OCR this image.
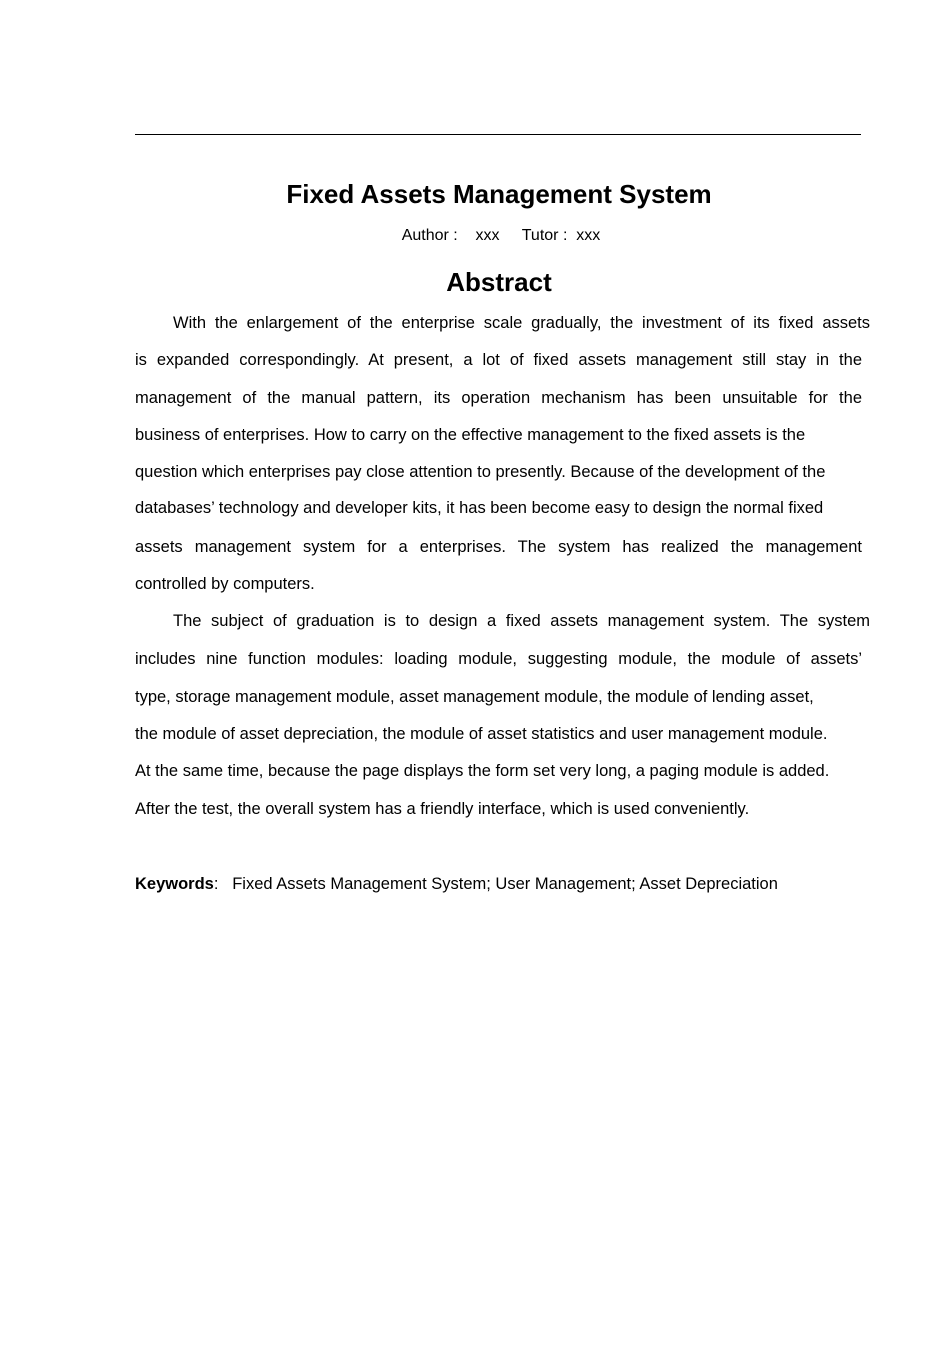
Fixed Assets Management System
Author : xxx Tutor : xxx
Abstract
With the enlargement of the enterprise scale gradually, the investment of its fixed assets
is expanded correspondingly. At present, a lot of fixed assets management still stay in the
management of the manual pattern, its operation mechanism has been unsuitable for the
business of enterprises. How to carry on the effective management to the fixed assets is the
question which enterprises pay close attention to presently. Because of the development of the
databases’ technology and developer kits, it has been become easy to design the normal fixed
assets management system for a enterprises. The system has realized the management
controlled by computers.
The subject of graduation is to design a fixed assets management system. The system
includes nine function modules: loading module, suggesting module, the module of assets’
type, storage management module, asset management module, the module of lending asset,
the module of asset depreciation, the module of asset statistics and user management module.
At the same time, because the page displays the form set very long, a paging module is added.
After the test, the overall system has a friendly interface, which is used conveniently.
Keywords: Fixed Assets Management System; User Management; Asset Depreciation
